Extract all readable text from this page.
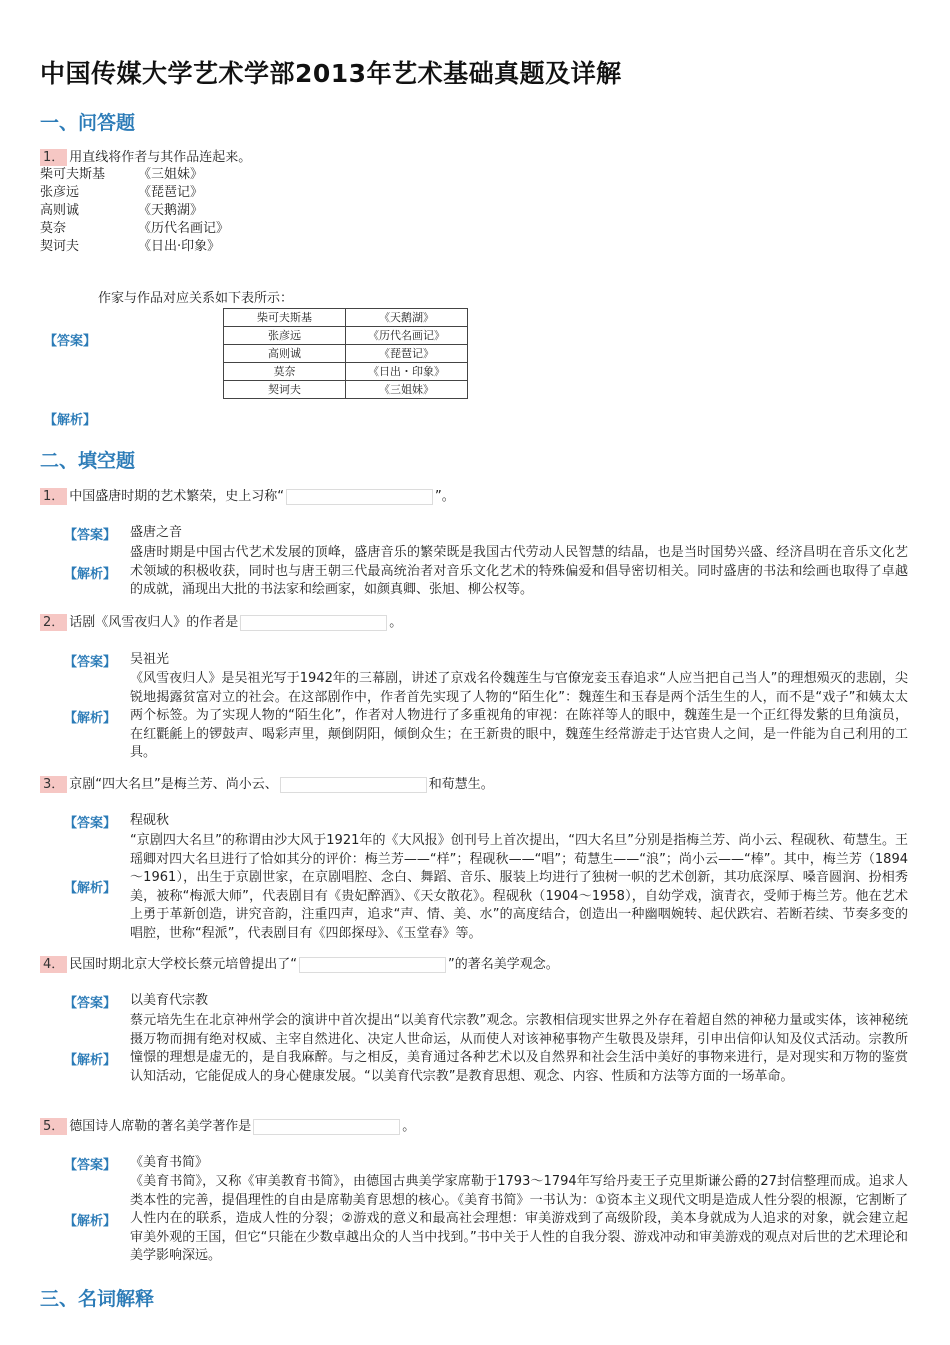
中国传媒大学艺术学部2013年艺术基础真题及详解
一、问答题
1． 用直线将作者与其作品连起来。
柴可夫斯基	《三姐妹》
张彦远	《琵琶记》
高则诚	《天鹅湖》
莫奈	《历代名画记》
契诃夫	《日出·印象》
作家与作品对应关系如下表所示：
【答案】
柴可夫斯基	《天鹅湖》
张彦远	《历代名画记》
高则诚	《琵琶记》
莫奈	《日出・印象》
契诃夫	《三姐妹》
【解析】
二、填空题
1． 中国盛唐时期的艺术繁荣，史上习称“	”。
【答案】 盛唐之音
【解析】
盛唐时期是中国古代艺术发展的顶峰，盛唐音乐的繁荣既是我国古代劳动人民智慧的结晶，也是当时国势兴盛、经济昌明在音乐文化艺术领域的积极收获，同时也与唐王朝三代最高统治者对音乐文化艺术的特殊偏爱和倡导密切相关。同时盛唐的书法和绘画也取得了卓越的成就，涌现出大批的书法家和绘画家，如颜真卿、张旭、柳公权等。
2． 话剧《风雪夜归人》的作者是	。
【答案】 吴祖光
【解析】
《风雪夜归人》是吴祖光写于1942年的三幕剧，讲述了京戏名伶魏莲生与官僚宠妾玉春追求“人应当把自己当人”的理想殒灭的悲剧，尖锐地揭露贫富对立的社会。在这部剧作中，作者首先实现了人物的“陌生化”：魏莲生和玉春是两个活生生的人，而不是“戏子”和姨太太两个标签。为了实现人物的“陌生化”，作者对人物进行了多重视角的审视：在陈祥等人的眼中，魏莲生是一个正红得发紫的旦角演员，在红氍毹上的锣鼓声、喝彩声里，颠倒阴阳，倾倒众生；在王新贵的眼中，魏莲生经常游走于达官贵人之间，是一件能为自己利用的工具。
3． 京剧“四大名旦”是梅兰芳、尚小云、	和荀慧生。
【答案】 程砚秋
【解析】
“京剧四大名旦”的称谓由沙大风于1921年的《大风报》创刊号上首次提出，“四大名旦”分别是指梅兰芳、尚小云、程砚秋、荀慧生。王瑶卿对四大名旦进行了恰如其分的评价：梅兰芳——“样”；程砚秋——“唱”；荀慧生——“浪”；尚小云——“棒”。其中，梅兰芳（1894～1961），出生于京剧世家，在京剧唱腔、念白、舞蹈、音乐、服装上均进行了独树一帜的艺术创新，其功底深厚、嗓音圆润、扮相秀美，被称“梅派大师”，代表剧目有《贵妃醉酒》、《天女散花》。程砚秋（1904～1958），自幼学戏，演青衣，受师于梅兰芳。他在艺术上勇于革新创造，讲究音韵，注重四声，追求“声、情、美、水”的高度结合，创造出一种幽咽婉转、起伏跌宕、若断若续、节奏多变的唱腔，世称“程派”，代表剧目有《四郎探母》、《玉堂春》等。
4． 民国时期北京大学校长蔡元培曾提出了“	”的著名美学观念。
【答案】 以美育代宗教
【解析】
蔡元培先生在北京神州学会的演讲中首次提出“以美育代宗教”观念。宗教相信现实世界之外存在着超自然的神秘力量或实体，该神秘统摄万物而拥有绝对权威、主宰自然进化、决定人世命运，从而使人对该神秘事物产生敬畏及崇拜，引申出信仰认知及仪式活动。宗教所憧憬的理想是虚无的，是自我麻醉。与之相反，美育通过各种艺术以及自然界和社会生活中美好的事物来进行，是对现实和万物的鉴赏认知活动，它能促成人的身心健康发展。“以美育代宗教”是教育思想、观念、内容、性质和方法等方面的一场革命。
5． 德国诗人席勒的著名美学著作是	。
【答案】 《美育书简》
【解析】
《美育书简》，又称《审美教育书简》，由德国古典美学家席勒于1793～1794年写给丹麦王子克里斯谦公爵的27封信整理而成。追求人类本性的完善，提倡理性的自由是席勒美育思想的核心。《美育书简》一书认为：①资本主义现代文明是造成人性分裂的根源，它割断了人性内在的联系，造成人性的分裂；②游戏的意义和最高社会理想：审美游戏到了高级阶段，美本身就成为人追求的对象，就会建立起审美外观的王国，但它“只能在少数卓越出众的人当中找到。”书中关于人性的自我分裂、游戏冲动和审美游戏的观点对后世的艺术理论和美学影响深远。
三、名词解释
